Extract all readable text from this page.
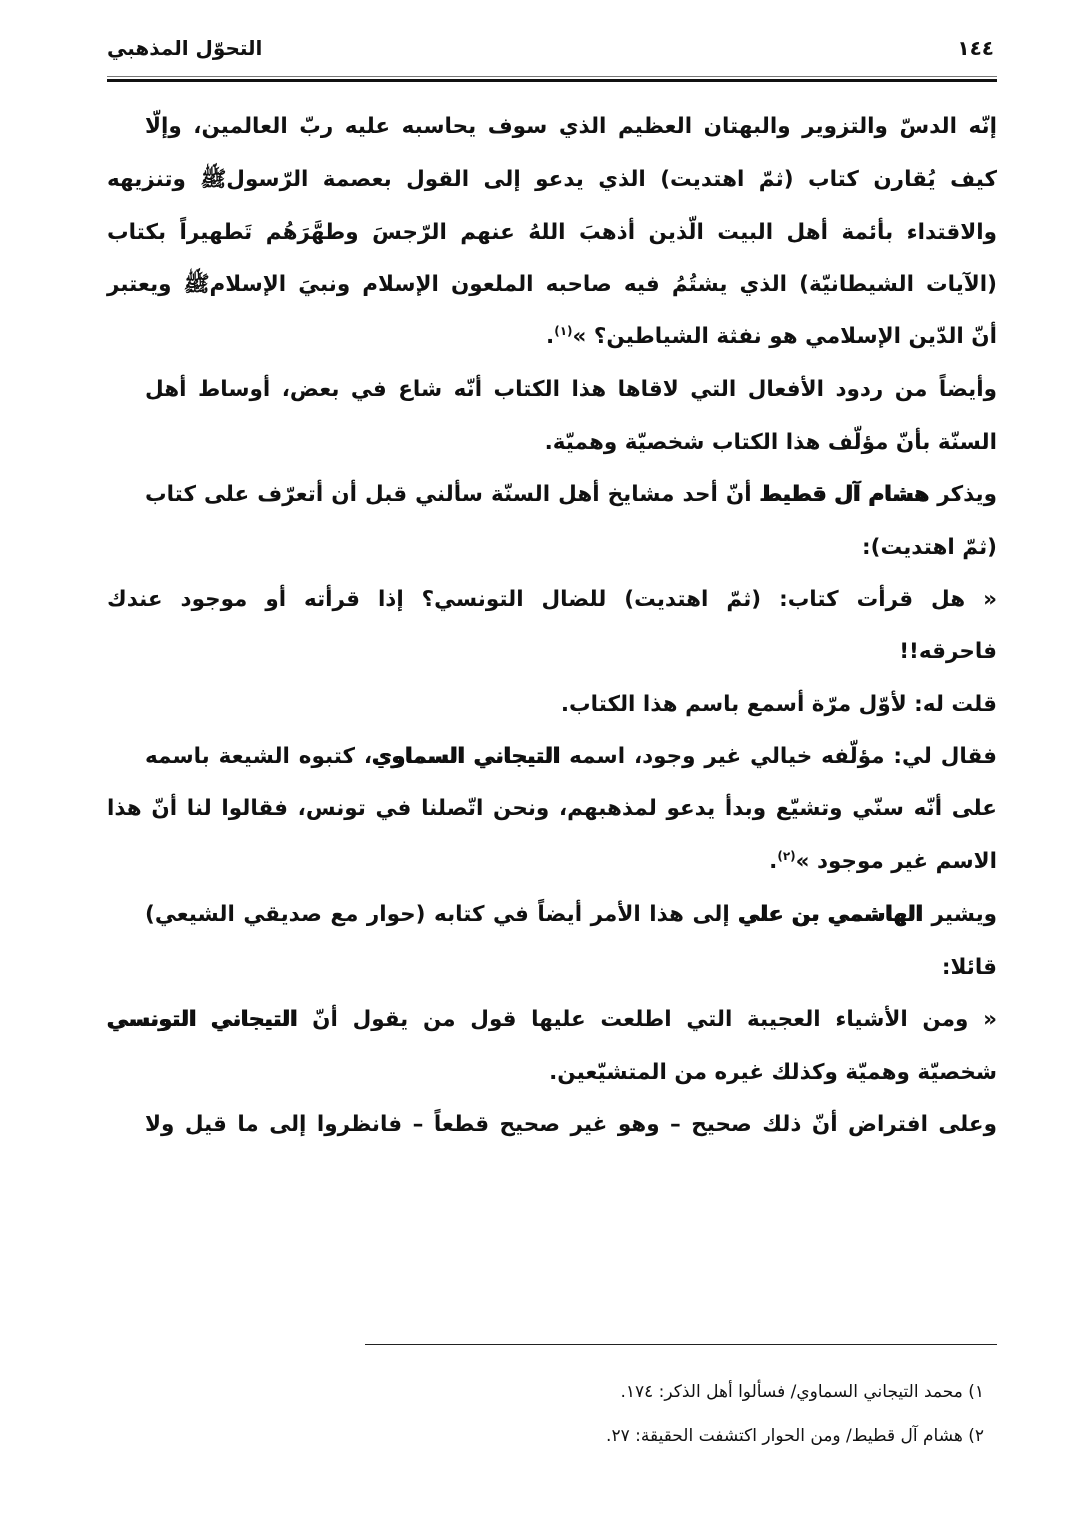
١٤٤
التحوّل المذهبي
إنّه الدسّ والتزوير والبهتان العظيم الذي سوف يحاسبه عليه ربّ العالمين، وإلّا
كيف يُقارن كتاب (ثمّ اهتديت) الذي يدعو إلى القول بعصمة الرّسولﷺ وتنزيهه
والاقتداء بأئمة أهل البيت الّذين أذهبَ اللهُ عنهم الرّجسَ وطهَّرَهُم تَطهيراً بكتاب
(الآيات الشيطانيّة) الذي يشتُمُ فيه صاحبه الملعون الإسلام ونبيَ الإسلامﷺ ويعتبر
أنّ الدّين الإسلامي هو نفثة الشياطين؟ »$^{(١)}$.
وأيضاً من ردود الأفعال التي لاقاها هذا الكتاب أنّه شاع في بعض، أوساط أهل
السنّة بأنّ مؤلّف هذا الكتاب شخصيّة وهميّة.
ويذكر هشام آل قطيط أنّ أحد مشايخ أهل السنّة سألني قبل أن أتعرّف على كتاب
(ثمّ اهتديت):
« هل قرأت كتاب: (ثمّ اهتديت) للضال التونسي؟ إذا قرأته أو موجود عندك
فاحرقه!!
قلت له: لأوّل مرّة أسمع باسم هذا الكتاب.
فقال لي: مؤلّفه خيالي غير وجود، اسمه التيجاني السماوي، كتبوه الشيعة باسمه
على أنّه سنّي وتشيّع وبدأ يدعو لمذهبهم، ونحن اتّصلنا في تونس، فقالوا لنا أنّ هذا
الاسم غير موجود »$^{(٢)}$.
ويشير الهاشمي بن علي إلى هذا الأمر أيضاً في كتابه (حوار مع صديقي الشيعي)
قائلا:
« ومن الأشياء العجيبة التي اطلعت عليها قول من يقول أنّ التيجاني التونسي
شخصيّة وهميّة وكذلك غيره من المتشيّعين.
وعلى افتراض أنّ ذلك صحيح – وهو غير صحيح قطعاً – فانظروا إلى ما قيل ولا
١) محمد التيجاني السماوي/ فسألوا أهل الذكر: ١٧٤.
٢) هشام آل قطيط/ ومن الحوار اكتشفت الحقيقة: ٢٧.
